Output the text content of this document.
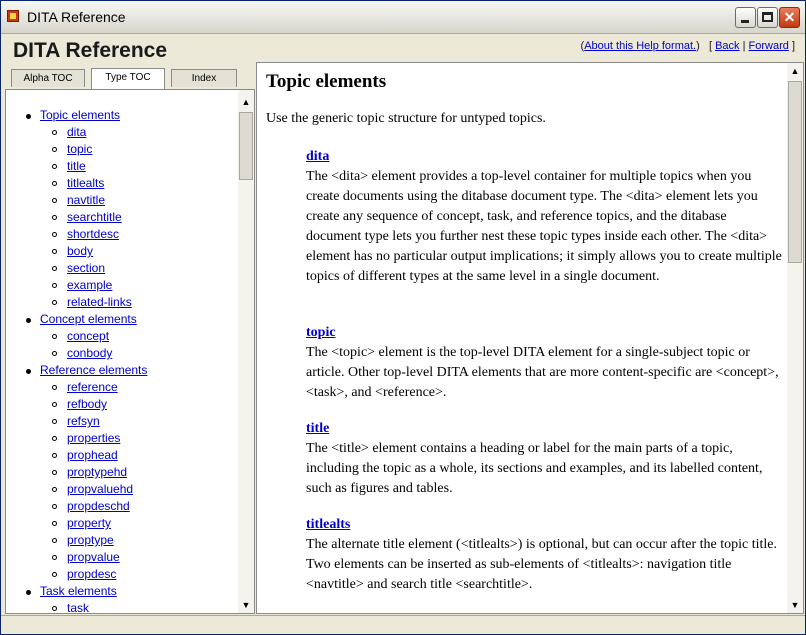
DITA Reference	✕
DITA Reference	(About this Help format.) [ Back | Forward ]
Alpha TOC	Type TOC	Index
Topic elements
dita
topic
title
titlealts
navtitle
searchtitle
shortdesc
body
section
example
related-links
Concept elements
concept
conbody
Reference elements
reference
refbody
refsyn
properties
prophead
proptypehd
propvaluehd
propdeschd
property
proptype
propvalue
propdesc
Task elements
task
▲
▼
Topic elements
Use the generic topic structure for untyped topics.
dita

The <dita> element provides a top-level container for multiple topics when you create documents using the ditabase document type. The <dita> element lets you create any sequence of concept, task, and reference topics, and the ditabase document type lets you further nest these topic types inside each other. The <dita> element has no particular output implications; it simply allows you to create multiple topics of different types at the same level in a single document.

topic

The <topic> element is the top-level DITA element for a single-subject topic or article. Other top-level DITA elements that are more content-specific are <concept>, <task>, and <reference>.

title

The <title> element contains a heading or label for the main parts of a topic, including the topic as a whole, its sections and examples, and its labelled content, such as figures and tables.

titlealts

The alternate title element (<titlealts>) is optional, but can occur after the topic title. Two elements can be inserted as sub-elements of <titlealts>: navigation title <navtitle> and search title <searchtitle>.

▲
▼
